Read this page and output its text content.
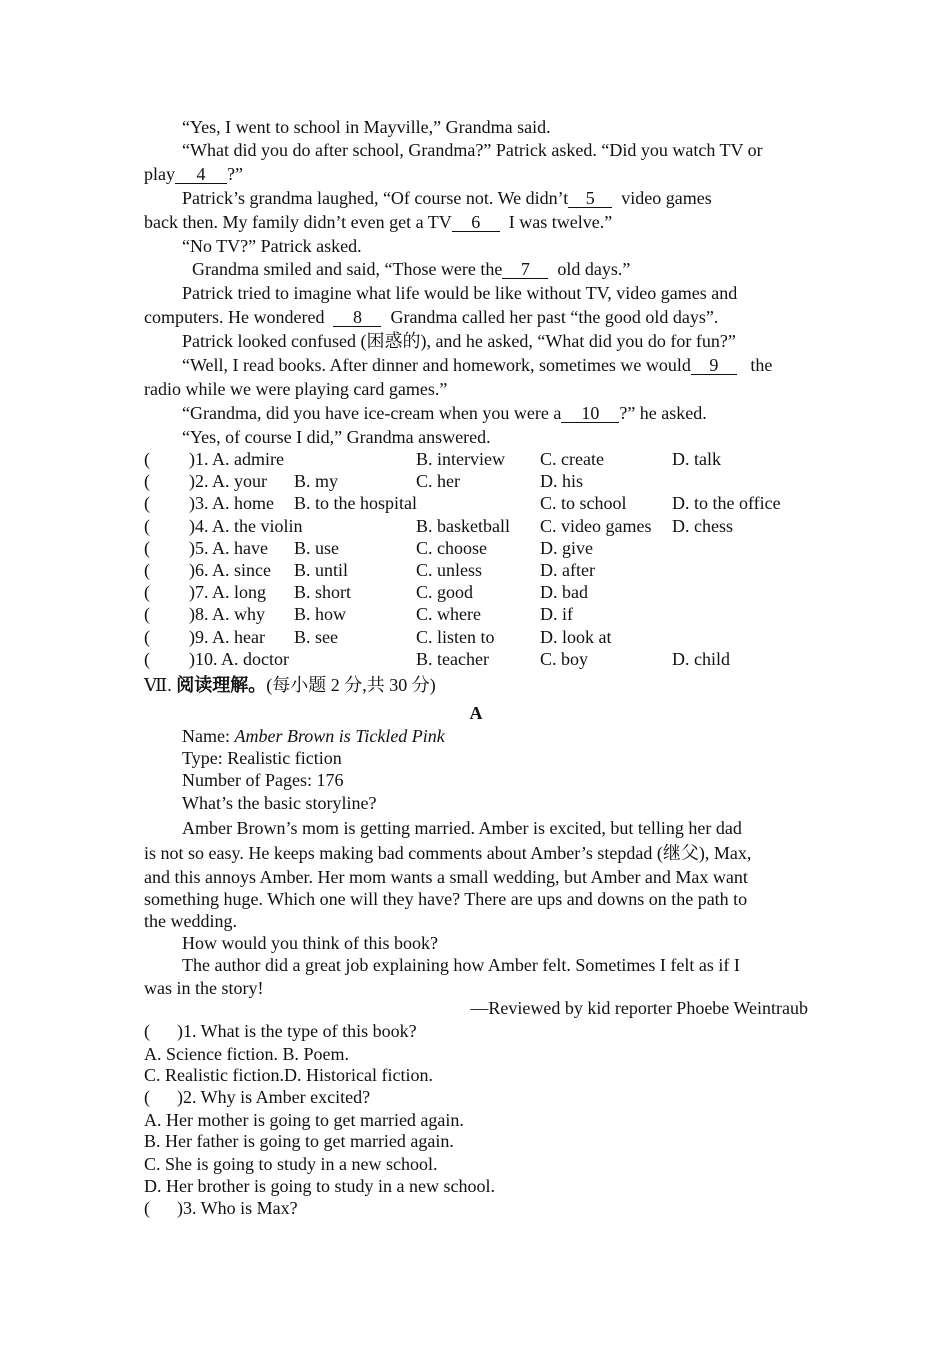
“Yes, I went to school in Mayville,” Grandma said.
“What did you do after school, Grandma?” Patrick asked. “Did you watch TV or
play 4 ?”
Patrick’s grandma laughed, “Of course not. We didn’t 5 video games
back then. My family didn’t even get a TV 6 I was twelve.”
“No TV?” Patrick asked.
Grandma smiled and said, “Those were the 7 old days.”
Patrick tried to imagine what life would be like without TV, video games and
computers. He wondered 8 Grandma called her past “the good old days”.
Patrick looked confused (困惑的), and he asked, “What did you do for fun?”
“Well, I read books. After dinner and homework, sometimes we would 9 the
radio while we were playing card games.”
“Grandma, did you have ice-cream when you were a 10 ?” he asked.
“Yes, of course I did,” Grandma answered.
( )1. A. admire	B. interview C. create	D. talk
( )2. A. your B. my	C. her	D. his
( )3. A. home B. to the hospital	C. to school	D. to the office
( )4. A. the violin	B. basketball C. video games D. chess
( )5. A. have B. use	C. choose	D. give
( )6. A. since B. until	C. unless	D. after
( )7. A. long B. short	C. good	D. bad
( )8. A. why B. how	C. where	D. if
( )9. A. hear B. see	C. listen to	D. look at
( )10. A. doctor	B. teacher	C. boy	D. child
Ⅶ. 阅读理解。(每小题 2 分,共 30 分)
A
Name: Amber Brown is Tickled Pink
Type: Realistic fiction
Number of Pages: 176
What’s the basic storyline?
Amber Brown’s mom is getting married. Amber is excited, but telling her dad
is not so easy. He keeps making bad comments about Amber’s stepdad (继父), Max,
and this annoys Amber. Her mom wants a small wedding, but Amber and Max want
something huge. Which one will they have? There are ups and downs on the path to
the wedding.
How would you think of this book?
The author did a great job explaining how Amber felt. Sometimes I felt as if I
was in the story!
—Reviewed by kid reporter Phoebe Weintraub
( )1. What is the type of this book?
A. Science fiction. B. Poem.
C. Realistic fiction.D. Historical fiction.
( )2. Why is Amber excited?
A. Her mother is going to get married again.
B. Her father is going to get married again.
C. She is going to study in a new school.
D. Her brother is going to study in a new school.
( )3. Who is Max?
